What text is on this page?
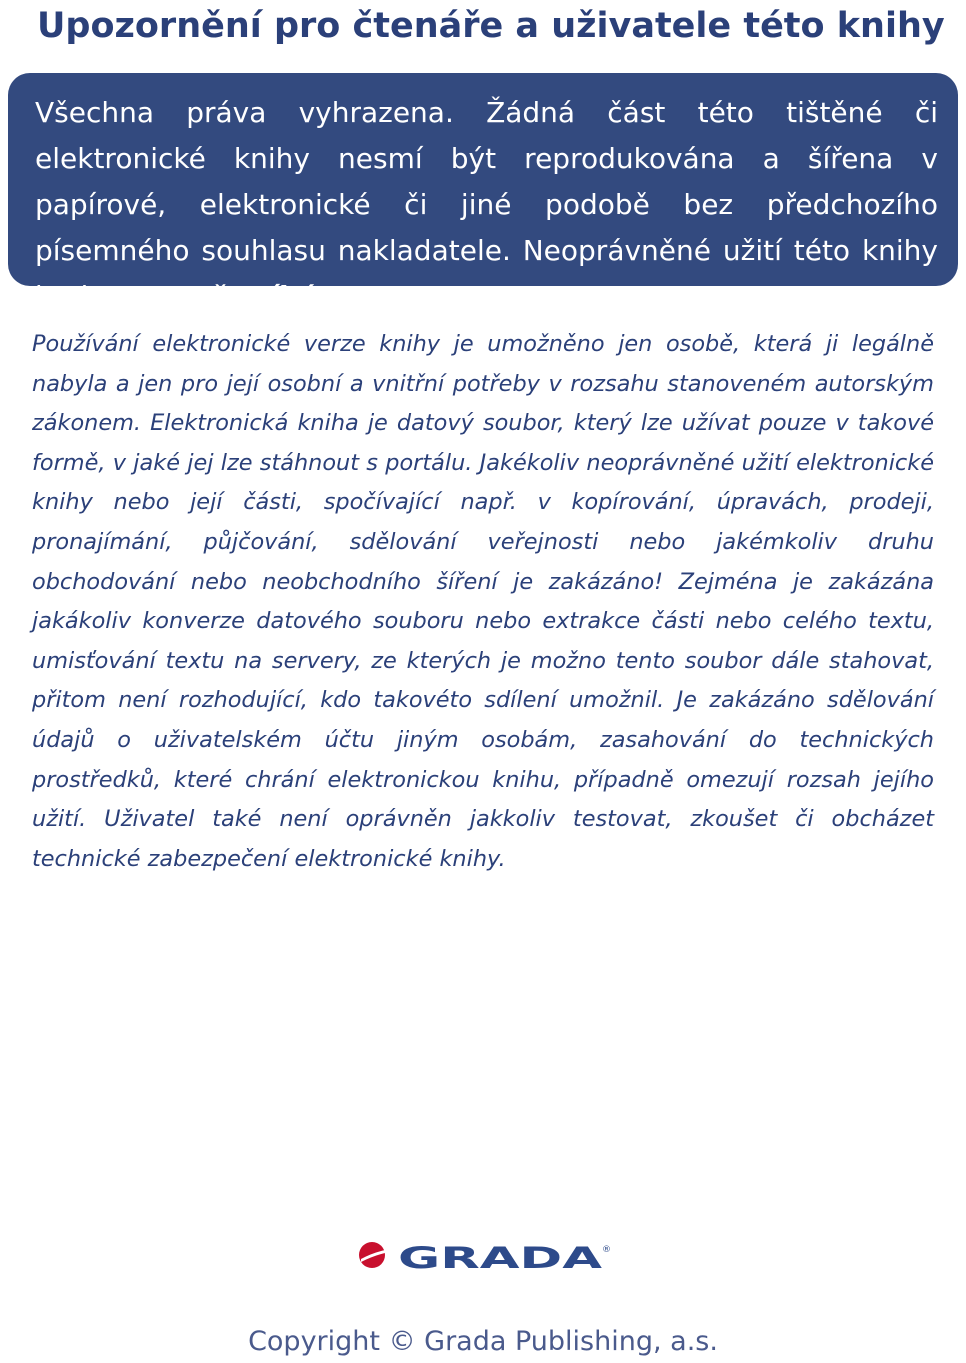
Upozornění pro čtenáře a uživatele této knihy

Všechna práva vyhrazena. Žádná část této tištěné či elektronické knihy nesmí být reprodukována a šířena v papírové, elektronické či jiné podobě bez předchozího písemného souhlasu nakladatele. Neoprávněné užití této knihy bude trestně stíháno.

Používání elektronické verze knihy je umožněno jen osobě, která ji legálně nabyla a jen pro její osobní a vnitřní potřeby v rozsahu stanoveném autorským zákonem. Elektronická kniha je datový soubor, který lze užívat pouze v takové formě, v jaké jej lze stáhnout s portálu. Jakékoliv neoprávněné užití elektronické knihy nebo její části, spočívající např. v kopírování, úpravách, prodeji, pronajímání, půjčování, sdělování veřejnosti nebo jakémkoliv druhu obchodování nebo neobchodního šíření je zakázáno! Zejména je zakázána jakákoliv konverze datového souboru nebo extrakce části nebo celého textu, umisťování textu na servery, ze kterých je možno tento soubor dále stahovat, přitom není rozhodující, kdo takovéto sdílení umožnil. Je zakázáno sdělování údajů o uživatelském účtu jiným osobám, zasahování do technických prostředků, které chrání elektronickou knihu, případně omezují rozsah jejího užití. Uživatel také není oprávněn jakkoliv testovat, zkoušet či obcházet technické zabezpečení elektronické knihy.

GRADA ®
Copyright © Grada Publishing, a.s.
